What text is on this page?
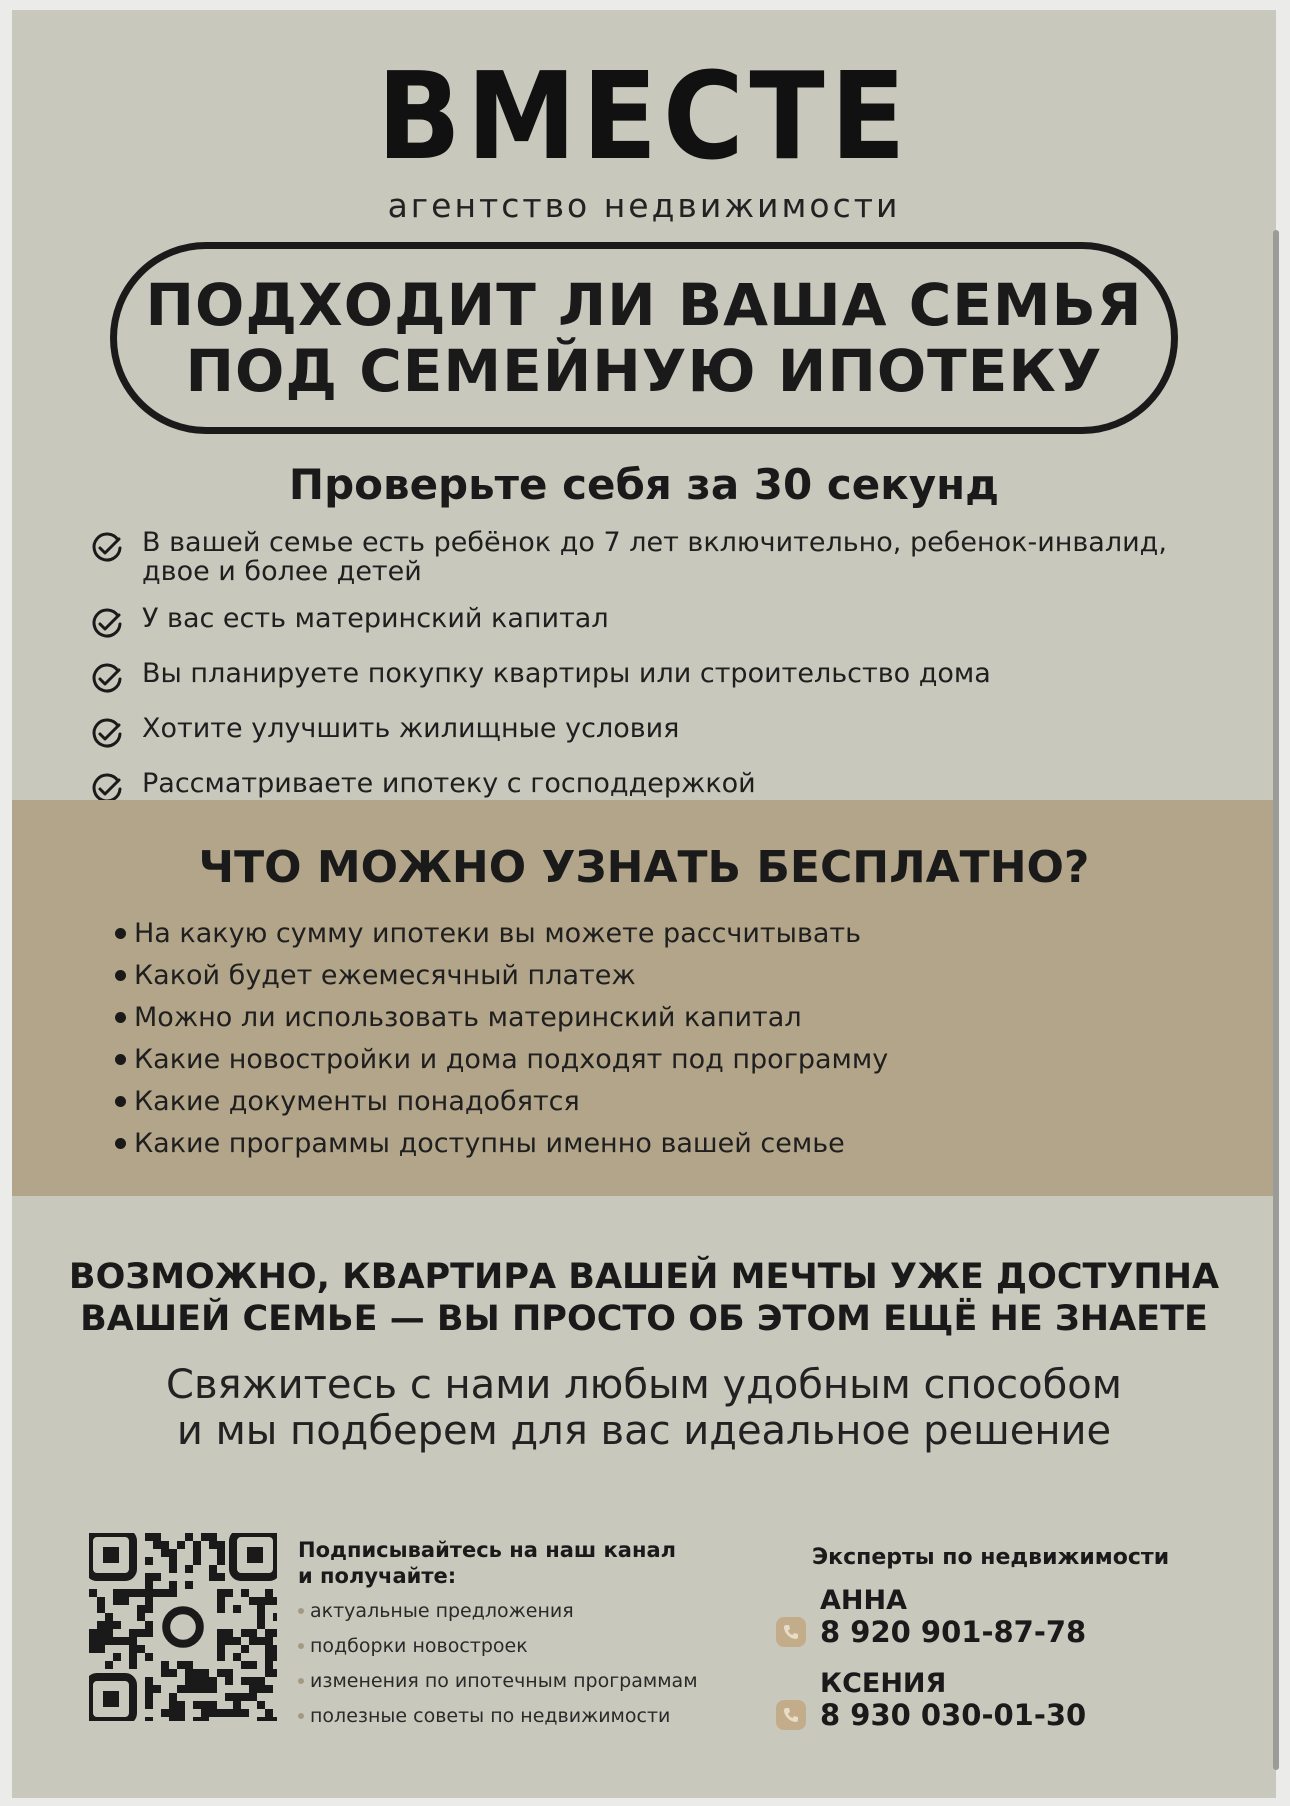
ВМЕСТЕ
агентство недвижимости
ПОДХОДИТ ЛИ ВАША СЕМЬЯ
ПОД СЕМЕЙНУЮ ИПОТЕКУ
Проверьте себя за 30 секунд
В вашей семье есть ребёнок до 7 лет включительно, ребенок-инвалид, двое и более детей
У вас есть материнский капитал
Вы планируете покупку квартиры или строительство дома
Хотите улучшить жилищные условия
Рассматриваете ипотеку с господдержкой
ЧТО МОЖНО УЗНАТЬ БЕСПЛАТНО?
На какую сумму ипотеки вы можете рассчитывать
Какой будет ежемесячный платеж
Можно ли использовать материнский капитал
Какие новостройки и дома подходят под программу
Какие документы понадобятся
Какие программы доступны именно вашей семье
ВОЗМОЖНО, КВАРТИРА ВАШЕЙ МЕЧТЫ УЖЕ ДОСТУПНА
ВАШЕЙ СЕМЬЕ — ВЫ ПРОСТО ОБ ЭТОМ ЕЩЁ НЕ ЗНАЕТЕ
Свяжитесь с нами любым удобным способом
и мы подберем для вас идеальное решение
Подписывайтесь на наш канал
и получайте:
актуальные предложения
подборки новостроек
изменения по ипотечным программам
полезные советы по недвижимости
Эксперты по недвижимости
АННА
8 920 901-87-78
КСЕНИЯ
8 930 030-01-30
